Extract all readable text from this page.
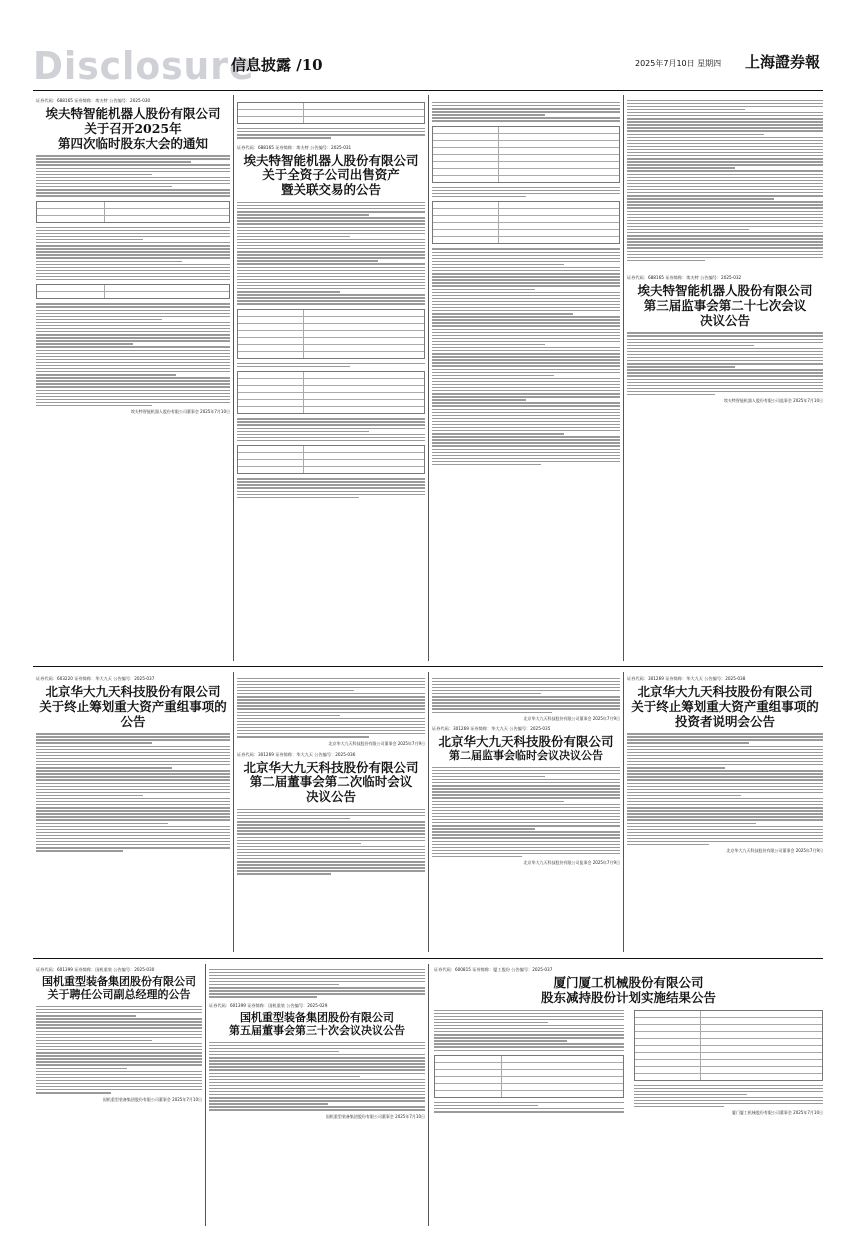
Disclosure
信息披露 /10	2025年7月10日 星期四 上海證券報
证券代码：688165 证券简称：埃夫特 公告编号：2025-030
埃夫特智能机器人股份有限公司
关于召开2025年
第四次临时股东大会的通知
埃夫特智能机器人股份有限公司董事会 2025年7月10日
证券代码：688165 证券简称：埃夫特 公告编号：2025-031
埃夫特智能机器人股份有限公司
关于全资子公司出售资产
暨关联交易的公告
证券代码：688165 证券简称：埃夫特 公告编号：2025-032
埃夫特智能机器人股份有限公司
第三届监事会第二十七次会议
决议公告
埃夫特智能机器人股份有限公司监事会 2025年7月10日
证券代码：603220 证券简称：华大九天 公告编号：2025-037
北京华大九天科技股份有限公司
关于终止筹划重大资产重组事项的
公告
北京华大九天科技股份有限公司董事会 2025年7月9日
证券代码：301269 证券简称：华大九天 公告编号：2025-036
北京华大九天科技股份有限公司
第二届董事会第二次临时会议
决议公告
北京华大九天科技股份有限公司董事会 2025年7月9日
证券代码：301269 证券简称：华大九天 公告编号：2025-035
北京华大九天科技股份有限公司
第二届监事会临时会议决议公告
北京华大九天科技股份有限公司监事会 2025年7月9日
证券代码：301269 证券简称：华大九天 公告编号：2025-038
北京华大九天科技股份有限公司
关于终止筹划重大资产重组事项的
投资者说明会公告
北京华大九天科技股份有限公司董事会 2025年7月9日
证券代码：601399 证券简称：国机重装 公告编号：2025-030
国机重型装备集团股份有限公司
关于聘任公司副总经理的公告
国机重型装备集团股份有限公司董事会 2025年7月10日
证券代码：601399 证券简称：国机重装 公告编号：2025-029
国机重型装备集团股份有限公司
第五届董事会第三十次会议决议公告
国机重型装备集团股份有限公司董事会 2025年7月10日
证券代码：600815 证券简称：厦工股份 公告编号：2025-037
厦门厦工机械股份有限公司
股东减持股份计划实施结果公告
厦门厦工机械股份有限公司董事会 2025年7月10日
